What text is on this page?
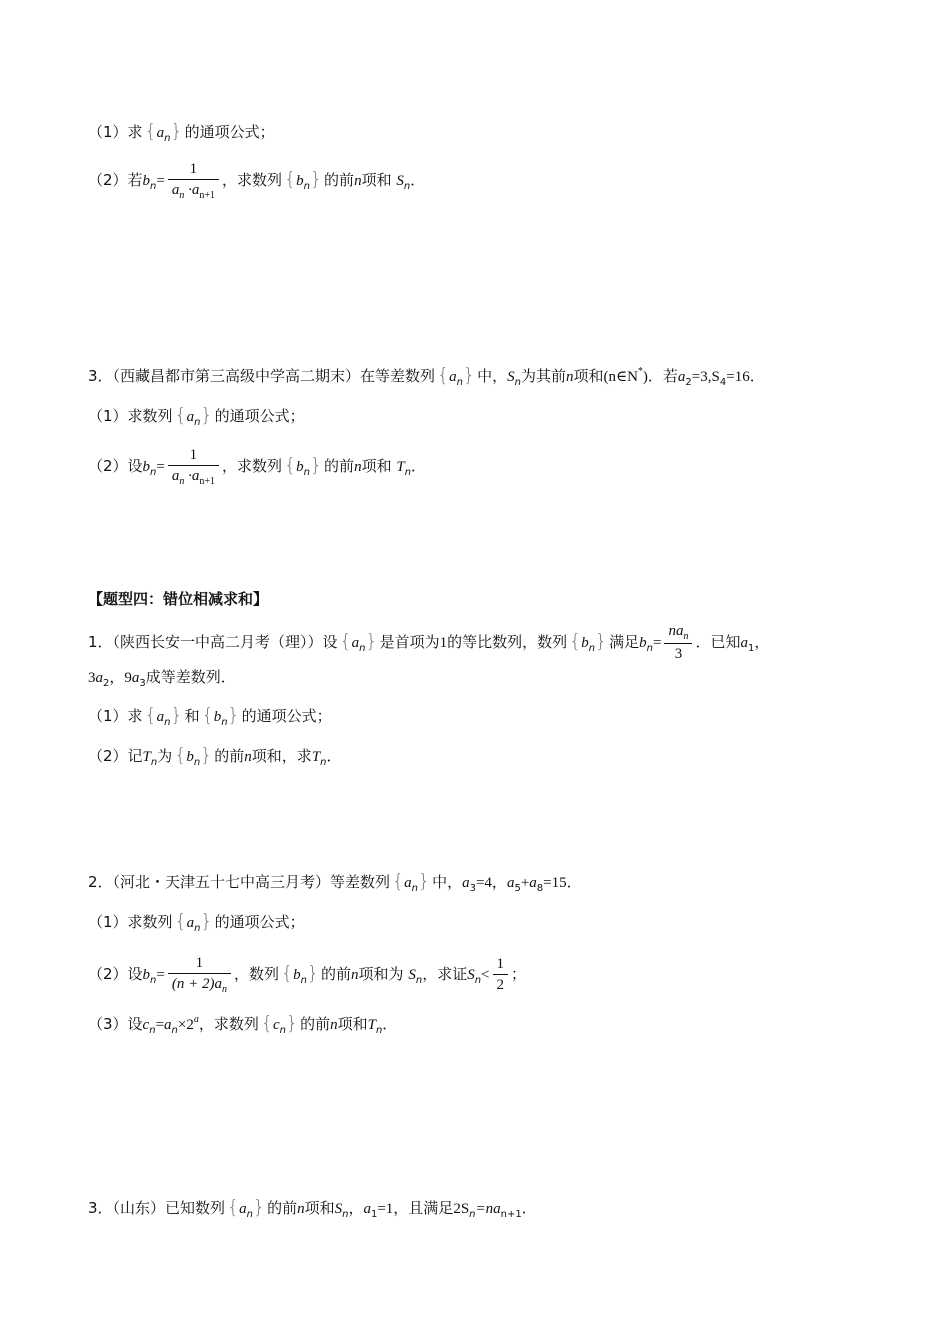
（1）求 $\{a_n\}$ 的通项公式；
（2）若$b_n= \frac{1}{a_n \cdot a_{n+1}}$ ，求数列 $\{b_n\}$ 的前n项和 $S_n$．
3．（西藏昌都市第三高级中学高二期末）在等差数列 $\{a_n\}$ 中，$S_n$为其前n项和(n∈N*)．若$a_2=3,S_4=16$．
（1）求数列 $\{a_n\}$ 的通项公式；
（2）设$b_n= \frac{1}{a_n \cdot a_{n+1}}$ ，求数列 $\{b_n\}$ 的前n项和 $T_n$．
【题型四：错位相减求和】
1．（陕西长安一中高二月考（理））设 $\{a_n\}$ 是首项为1的等比数列，数列 $\{b_n\}$ 满足$b_n= \frac{na_n}{3}$ ．已知$a_1$，
$3a_2$，$9a_3$成等差数列．
（1）求 $\{a_n\}$ 和 $\{b_n\}$ 的通项公式；
（2）记$T_n$为 $\{b_n\}$ 的前n项和，求$T_n$．
2．（河北・天津五十七中高三月考）等差数列 $\{a_n\}$ 中，$a_3=4$，$a_5+a_8=15$．
（1）求数列 $\{a_n\}$ 的通项公式；
（2）设$b_n= \frac{1}{(n + 2)a_n}$ ，数列 $\{b_n\}$ 的前n项和为 $S_n$，求证$S_n< \frac{1}{2}$ ；
（3）设$c_n=a_n\times 2^a$，求数列 $\{c_n\}$ 的前n项和$T_n$．
3．（山东）已知数列 $\{a_n\}$ 的前n项和$S_n$，$a_1=1$，且满足$2S_n=na_{n+1}$．
